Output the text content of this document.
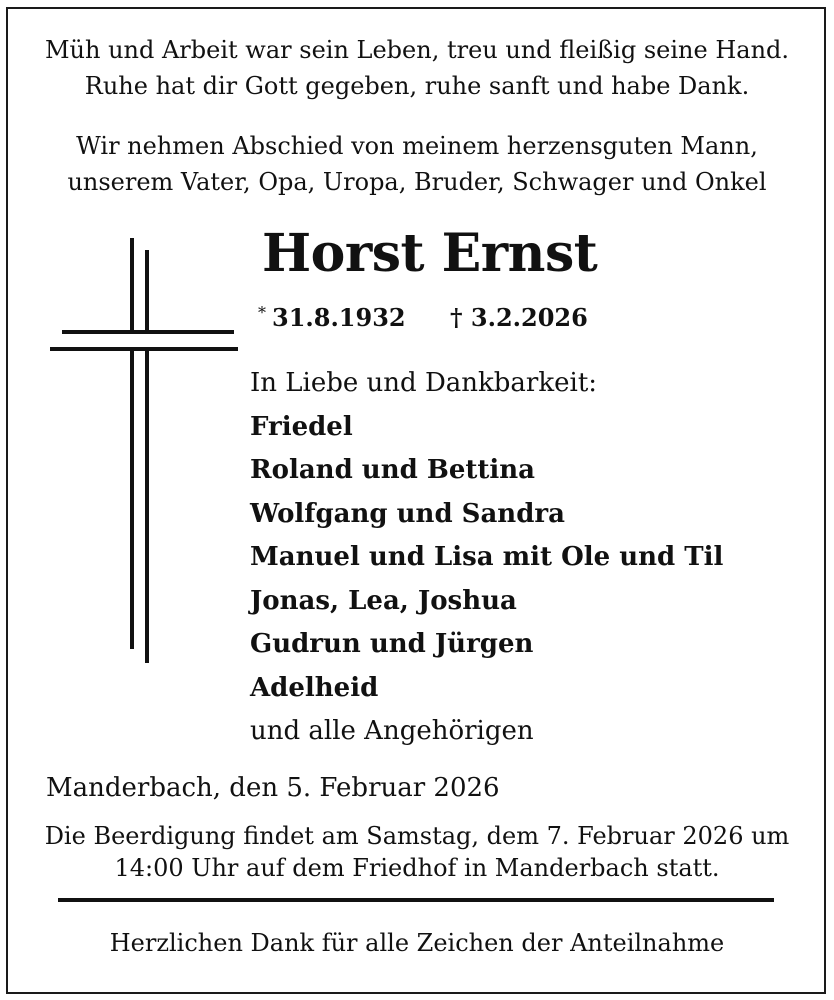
Müh und Arbeit war sein Leben, treu und fleißig seine Hand.
Ruhe hat dir Gott gegeben, ruhe sanft und habe Dank.
Wir nehmen Abschied von meinem herzensguten Mann,
unserem Vater, Opa, Uropa, Bruder, Schwager und Onkel
Horst Ernst
* 31.8.1932 † 3.2.2026
In Liebe und Dankbarkeit:
Friedel
Roland und Bettina
Wolfgang und Sandra
Manuel und Lisa mit Ole und Til
Jonas, Lea, Joshua
Gudrun und Jürgen
Adelheid
und alle Angehörigen
Manderbach, den 5. Februar 2026
Die Beerdigung findet am Samstag, dem 7. Februar 2026 um
14:00 Uhr auf dem Friedhof in Manderbach statt.
Herzlichen Dank für alle Zeichen der Anteilnahme
